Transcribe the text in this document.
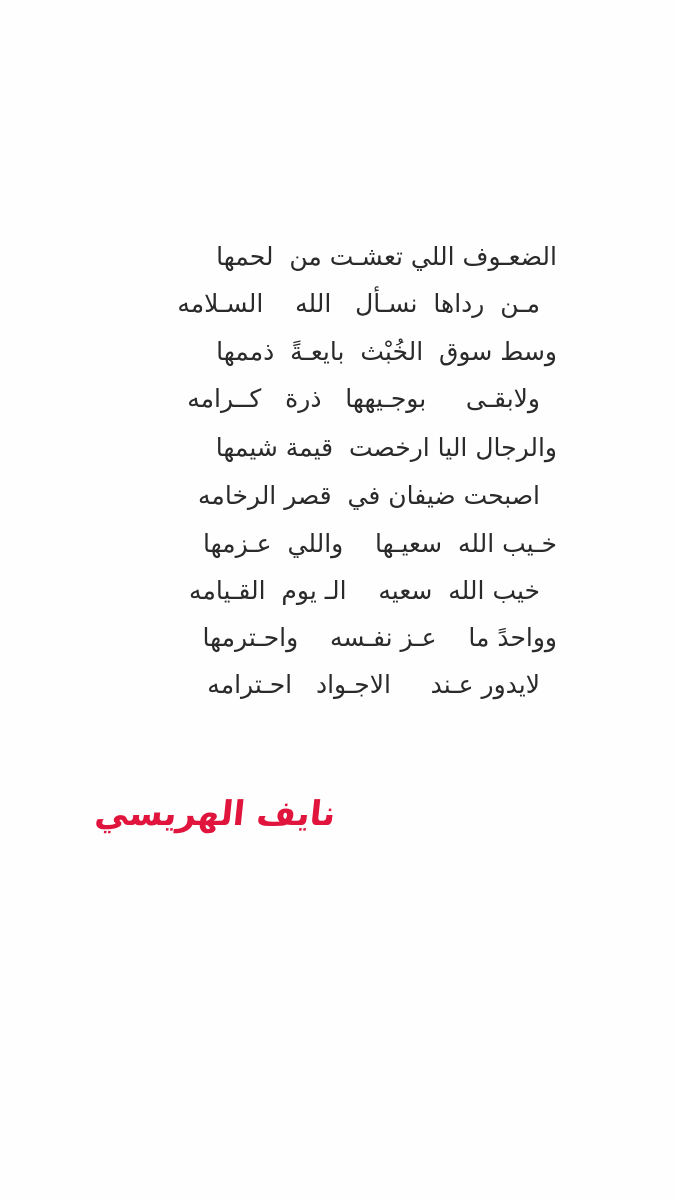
الضعـوف اللي تعشـت من  لحمها
مـن  رداها  نسـأل   الله    السـلامه
وسط سوق  الخُبْث  بايعـةً  ذممها
ولابقـى     بوجـيهها   ذرة   كــرامه
والرجال اليا ارخصت  قيمة شيمها
اصبحت ضيفان في  قصر الرخامه
خـيب الله  سعيـها    واللي  عـزمها
خيب الله  سعيه    الـ يوم  القـيامه
وواحدً ما    عـز نفـسه    واحـترمها
لايدور عـند     الاجـواد   احـترامه
نايف الهريسي
